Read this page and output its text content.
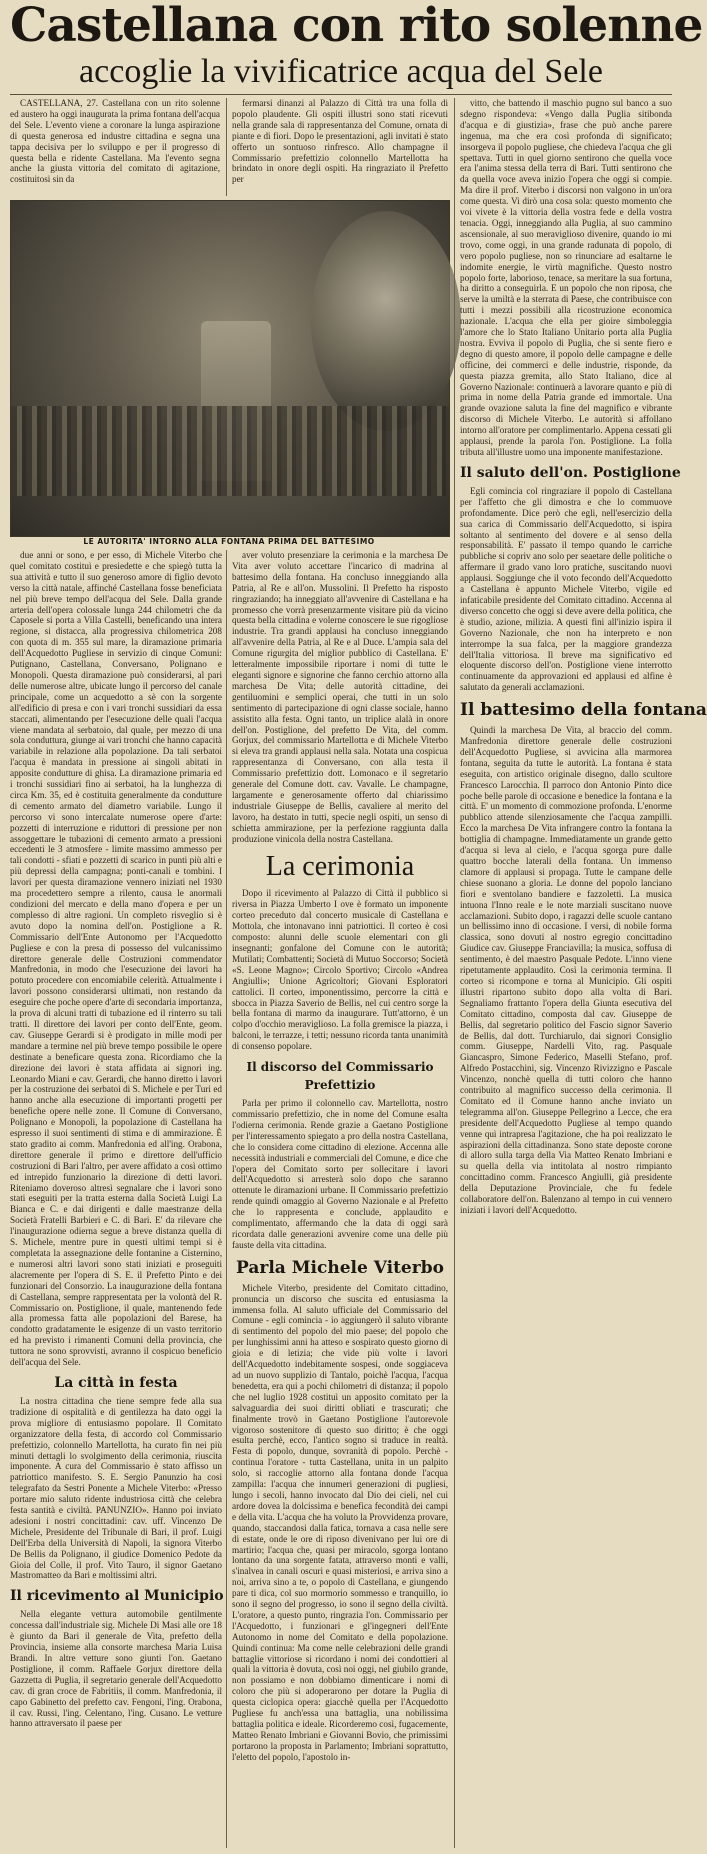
Castellana con rito solenne
accoglie la vivificatrice acqua del Sele

CASTELLANA, 27. Castellana con un rito solenne ed austero ha oggi inaugurata la prima fontana dell'acqua del Sele. L'evento viene a coronare la lunga aspirazione di questa generosa ed industre cittadina e segna una tappa decisiva per lo sviluppo e per il progresso di questa bella e ridente Castellana. Ma l'evento segna anche la giusta vittoria del comitato di agitazione, costituitosi sin da

fermarsi dinanzi al Palazzo di Città tra una folla di popolo plaudente. Gli ospiti illustri sono stati ricevuti nella grande sala di rappresentanza del Comune, ornata di piante e di fiori. Dopo le presentazioni, agli invitati è stato offerto un sontuoso rinfresco. Allo champagne il Commissario prefettizio colonnello Martellotta ha brindato in onore degli ospiti. Ha ringraziato il Prefetto per

LE AUTORITA' INTORNO ALLA FONTANA PRIMA DEL BATTESIMO

vitto, che battendo il maschio pugno sul banco a suo sdegno rispondeva: «Vengo dalla Puglia sitibonda d'acqua e di giustizia», frase che può anche parere ingenua, ma che era così profonda di significato; insorgeva il popolo pugliese, che chiedeva l'acqua che gli spettava. Tutti in quel giorno sentirono che quella voce era l'anima stessa della terra di Bari. Tutti sentirono che da quella voce aveva inizio l'opera che oggi si compie. Ma dire il prof. Viterbo i discorsi non valgono in un'ora come questa. Vi dirò una cosa sola: questo momento che voi vivete è la vittoria della vostra fede e della vostra tenacia. Oggi, inneggiando alla Puglia, al suo cammino ascensionale, al suo meraviglioso divenire, quando io mi trovo, come oggi, in una grande radunata di popolo, di vero popolo pugliese, non so rinunciare ad esaltarne le indomite energie, le virtù magnifiche. Questo nostro popolo forte, laborioso, tenace, sa meritare la sua fortuna, ha diritto a conseguirla. E un popolo che non riposa, che serve la umiltà e la sterrata di Paese, che contribuisce con tutti i mezzi possibili alla ricostruzione economica nazionale. L'acqua che ella per gioire simboleggia l'amore che lo Stato Italiano Unitario porta alla Puglia nostra. Evviva il popolo di Puglia, che si sente fiero e degno di questo amore, il popolo delle campagne e delle officine, dei commerci e delle industrie, risponde, da questa piazza gremita, allo Stato Italiano, dice al Governo Nazionale: continuerà a lavorare quanto e più di prima in nome della Patria grande ed immortale. Una grande ovazione saluta la fine del magnifico e vibrante discorso di Michele Viterbo. Le autorità si affollano intorno all'oratore per complimentarlo. Appena cessati gli applausi, prende la parola l'on. Postiglione. La folla tributa all'illustre uomo una imponente manifestazione.

Il saluto dell'on. Postiglione

Egli comincia col ringraziare il popolo di Castellana per l'affetto che gli dimostra e che lo commuove profondamente. Dice però che egli, nell'esercizio della sua carica di Commissario dell'Acquedotto, si ispira soltanto al sentimento del dovere e al senso della responsabilità. E' passato il tempo quando le carriche pubbliche si copriv ano solo per seaetare delle politiche o affermare il grado vano loro pratiche, suscitando nuovi applausi. Soggiunge che il voto fecondo dell'Acquedotto a Castellana è appunto Michele Viterbo, vigile ed infaticabile presidente del Comitato cittadino. Accenna al diverso concetto che oggi si deve avere della politica, che è studio, azione, milizia. A questi fini all'inizio ispira il Governo Nazionale, che non ha interpreto e non interrompe la sua falca, per la maggiore grandezza dell'Italia vittoriosa. Il breve ma significativo ed eloquente discorso dell'on. Postiglione viene interrotto continuamente da approvazioni ed applausi ed alfine è salutato da generali acclamazioni.

Il battesimo della fontana

Quindi la marchesa De Vita, al braccio del comm. Manfredonia direttore generale delle costruzioni dell'Acquedotto Pugliese, si avvicina alla marmorea fontana, seguita da tutte le autorità. La fontana è stata eseguita, con artistico originale disegno, dallo scultore Francesco Larocchia. Il parroco don Antonio Pinto dice poche belle parole di occasione e benedice la fontana e la città. E' un momento di commozione profonda. L'enorme pubblico attende silenziosamente che l'acqua zampilli. Ecco la marchesa De Vita infrangere contro la fontana la bottiglia di champagne. Immediatamente un grande getto d'acqua si leva al cielo, e l'acqua sgorga pure dalle quattro bocche laterali della fontana. Un immenso clamore di applausi si propaga. Tutte le campane delle chiese suonano a gloria. Le donne del popolo lanciano fiori e sventolano bandiere e fazzoletti. La musica intuona l'Inno reale e le note marziali suscitano nuove acclamazioni. Subito dopo, i ragazzi delle scuole cantano un bellissimo inno di occasione. I versi, di nobile forma classica, sono dovuti al nostro egregio concittadino Giudice cav. Giuseppe Franciavilla; la musica, soffusa di sentimento, è del maestro Pasquale Pedote. L'inno viene ripetutamente applaudito. Così la cerimonia termina. Il corteo si ricompone e torna al Municipio. Gli ospiti illustri ripartono subito dopo alla volta di Bari. Segnaliamo frattanto l'opera della Giunta esecutiva del Comitato cittadino, composta dal cav. Giuseppe de Bellis, dal segretario politico del Fascio signor Saverio de Bellis, dal dott. Turchiarulo, dai signori Consiglio comm. Giuseppe, Nardelli Vito, rag. Pasquale Giancaspro, Simone Federico, Maselli Stefano, prof. Alfredo Postacchini, sig. Vincenzo Rivizzigno e Pascale Vincenzo, nonchè quella di tutti coloro che hanno contribuito al magnifico successo della cerimonia. Il Comitato ed il Comune hanno anche inviato un telegramma all'on. Giuseppe Pellegrino a Lecce, che era presidente dell'Acquedotto Pugliese al tempo quando venne quì intrapresa l'agitazione, che ha poi realizzato le aspirazioni della cittadinanza. Sono state deposte corone di alloro sulla targa della Via Matteo Renato Imbriani e su quella della via intitolata al nostro rimpianto concittadino comm. Francesco Angiulli, già presidente della Deputazione Provinciale, che fu fedele collaboratore dell'on. Balenzano al tempo in cui vennero iniziati i lavori dell'Acquedotto.

due anni or sono, e per esso, di Michele Viterbo che quel comitato costituì e presiedette e che spiegò tutta la sua attività e tutto il suo generoso amore di figlio devoto verso la città natale, affinché Castellana fosse beneficiata nel più breve tempo dell'acqua del Sele. Dalla grande arteria dell'opera colossale lunga 244 chilometri che da Caposele si porta a Villa Castelli, beneficando una intera regione, si distacca, alla progressiva chilometrica 208 con quota di m. 355 sul mare, la diramazione primaria dell'Acquedotto Pugliese in servizio di cinque Comuni: Putignano, Castellana, Conversano, Polignano e Monopoli. Questa diramazione può considerarsi, al pari delle numerose altre, ubicate lungo il percorso del canale principale, come un acquedotto a sè con la sorgente all'edificio di presa e con i vari tronchi sussidiari da essa staccati, alimentando per l'esecuzione delle quali l'acqua viene mandata al serbatoio, dal quale, per mezzo di una sola conduttura, giunge ai vari tronchi che hanno capacità variabile in relazione alla popolazione. Da tali serbatoi l'acqua è mandata in pressione ai singoli abitati in apposite condutture di ghisa. La diramazione primaria ed i tronchi sussidiari fino ai serbatoi, ha la lunghezza di circa Km. 35, ed è costituita generalmente da condutture di cemento armato del diametro variabile. Lungo il percorso vi sono intercalate numerose opere d'arte: pozzetti di interruzione e riduttori di pressione per non assoggettare le tubazioni di cemento armato a pressioni eccedenti le 3 atmosfere - limite massimo ammesso per tali condotti - sfiati e pozzetti di scarico in punti più alti e più depressi della campagna; ponti-canali e tombini. I lavori per questa diramazione vennero iniziati nel 1930 ma procedettero sempre a rilento, causa le anormali condizioni del mercato e della mano d'opera e per un complesso di altre ragioni. Un completo risveglio si è avuto dopo la nomina dell'on. Postiglione a R. Commissario dell'Ente Autonomo per l'Acquedotto Pugliese e con la presa di possesso del vulcanissimo direttore generale delle Costruzioni commendator Manfredonia, in modo che l'esecuzione dei lavori ha potuto procedere con encomiabile celerità. Attualmente i lavori possono considerarsi ultimati, non restando da eseguire che poche opere d'arte di secondaria importanza, la prova di alcuni tratti di tubazione ed il rinterro su tali tratti. Il direttore dei lavori per conto dell'Ente, geom. cav. Giuseppe Gerardi si è prodigato in mille modi per mandare a termine nel più breve tempo possibile le opere destinate a beneficare questa zona. Ricordiamo che la direzione dei lavori è stata affidata ai signori ing. Leonardo Miani e cav. Gerardi, che hanno diretto i lavori per la costruzione dei serbatoi di S. Michele e per Turi ed hanno anche alla esecuzione di importanti progetti per benefiche opere nelle zone. Il Comune di Conversano, Polignano e Monopoli, la popolazione di Castellana ha espresso il suoi sentimenti di stima e di ammirazione. È stato gradito ai comm. Manfredonia ed all'ing. Orabona, direttore generale il primo e direttore dell'ufficio costruzioni di Bari l'altro, per avere affidato a così ottimo ed intrepido funzionario la direzione di detti lavori. Riteniamo doveroso altresì segnalare che i lavori sono stati eseguiti per la tratta esterna dalla Società Luigi La Bianca e C. e dai dirigenti e dalle maestranze della Società Fratelli Barbieri e C. di Bari. E' da rilevare che l'inaugurazione odierna segue a breve distanza quella di S. Michele, mentre pure in questi ultimi tempi si è completata la assegnazione delle fontanine a Cisternino, e numerosi altri lavori sono stati iniziati e proseguiti alacremente per l'opera di S. E. il Prefetto Pinto e dei funzionari del Consorzio. La inaugurazione della fontana di Castellana, sempre rappresentata per la volontà del R. Commissario on. Postiglione, il quale, mantenendo fede alla promessa fatta alle popolazioni del Barese, ha condotto gradatamente le esigenze di un vasto territorio ed ha previsto i rimanenti Comuni della provincia, che tuttora ne sono sprovvisti, avranno il cospicuo beneficio dell'acqua del Sele.

La città in festa

La nostra cittadina che tiene sempre fede alla sua tradizione di ospitalità e di gentilezza ha dato oggi la prova migliore di entusiasmo popolare. Il Comitato organizzatore della festa, di accordo col Commissario prefettizio, colonnello Martellotta, ha curato fin nei più minuti dettagli lo svolgimento della cerimonia, riuscita imponente. A cura del Commissario è stato affisso un patriottico manifesto. S. E. Sergio Panunzio ha così telegrafato da Sestri Ponente a Michele Viterbo: «Presso portare mio saluto ridente industriosa città che celebra festa santità e civiltà. PANUNZIO». Hanno poi inviato adesioni i nostri concittadini: cav. uff. Vincenzo De Michele, Presidente del Tribunale di Bari, il prof. Luigi Dell'Erba della Università di Napoli, la signora Viterbo De Bellis da Polignano, il giudice Domenico Pedote da Gioia del Colle, il prof. Vito Tauro, il signor Gaetano Mastromatteo da Bari e moltissimi altri.

Il ricevimento al Municipio

Nella elegante vettura automobile gentilmente concessa dall'industriale sig. Michele Di Masi alle ore 18 è giunto da Bari il generale de Vita, prefetto della Provincia, insieme alla consorte marchesa Maria Luisa Brandi. In altre vetture sono giunti l'on. Gaetano Postiglione, il comm. Raffaele Gorjux direttore della Gazzetta di Puglia, il segretario generale dell'Acquedotto cav. di gran croce de Fabritiis, il comm. Manfredonia, il capo Gabinetto del prefetto cav. Fengoni, l'ing. Orabona, il cav. Russi, l'ing. Celentano, l'ing. Cusano. Le vetture hanno attraversato il paese per

aver voluto presenziare la cerimonia e la marchesa De Vita aver voluto accettare l'incarico di madrina al battesimo della fontana. Ha concluso inneggiando alla Patria, al Re e all'on. Mussolini. Il Prefetto ha risposto ringraziando; ha inneggiato all'avvenire di Castellana e ha promesso che vorrà presenzarmente visitare più da vicino questa bella cittadina e volerne conoscere le sue rigogliose industrie. Tra grandi applausi ha concluso inneggiando all'avvenire della Patria, al Re e al Duce. L'ampia sala del Comune rigurgita del miglior pubblico di Castellana. E' letteralmente impossibile riportare i nomi di tutte le eleganti signore e signorine che fanno cerchio attorno alla marchesa De Vita; delle autorità cittadine, dei gentiluomini e semplici operai, che tutti in un solo sentimento di partecipazione di ogni classe sociale, hanno assistito alla festa. Ogni tanto, un triplice alalà in onore dell'on. Postiglione, del prefetto De Vita, del comm. Gorjux, del commissario Martellotta e di Michele Viterbo si eleva tra grandi applausi nella sala. Notata una cospicua rappresentanza di Conversano, con alla testa il Commissario prefettizio dott. Lomonaco e il segretario generale del Comune dott. cav. Vavalle. Le champagne, largamente e generosamente offerto dal chiarissimo industriale Giuseppe de Bellis, cavaliere al merito del lavoro, ha destato in tutti, specie negli ospiti, un senso di schietta ammirazione, per la perfezione raggiunta dalla produzione vinicola della nostra Castellana.

La cerimonia

Dopo il ricevimento al Palazzo di Città il pubblico si riversa in Piazza Umberto I ove è formato un imponente corteo preceduto dal concerto musicale di Castellana e Mottola, che intonavano inni patriottici. Il corteo è così composto: alunni delle scuole elementari con gli insegnanti; gonfalone del Comune con le autorità; Mutilati; Combattenti; Società di Mutuo Soccorso; Società «S. Leone Magno»; Circolo Sportivo; Circolo «Andrea Angiulli»; Unione Agricoltori; Giovani Esploratori cattolici. Il corteo, imponentissimo, percorre la città e sbocca in Piazza Saverio de Bellis, nel cui centro sorge la bella fontana di marmo da inaugurare. Tutt'attorno, è un colpo d'occhio meraviglioso. La folla gremisce la piazza, i balconi, le terrazze, i tetti; nessuno ricorda tanta unanimità di consenso popolare.

Il discorso del Commissario Prefettizio

Parla per primo il colonnello cav. Martellotta, nostro commissario prefettizio, che in nome del Comune esalta l'odierna cerimonia. Rende grazie a Gaetano Postiglione per l'interessamento spiegato a pro della nostra Castellana, che lo considera come cittadino di elezione. Accenna alle necessità industriali e commerciali del Comune, e dice che l'opera del Comitato sorto per sollecitare i lavori dell'Acquedotto si arresterà solo dopo che saranno ottenute le diramazioni urbane. Il Commissario prefettizio rende quindi omaggio al Governo Nazionale e al Prefetto che lo rappresenta e conclude, applaudito e complimentato, affermando che la data di oggi sarà ricordata dalle generazioni avvenire come una delle più fauste della vita cittadina.

Parla Michele Viterbo

Michele Viterbo, presidente del Comitato cittadino, pronuncia un discorso che suscita ed entusiasma la immensa folla. Al saluto ufficiale del Commissario del Comune - egli comincia - io aggiungerò il saluto vibrante di sentimento del popolo del mio paese; del popolo che per lunghissimi anni ha atteso e sospirato questo giorno di gioia e di letizia; che vide più volte i lavori dell'Acquedotto indebitamente sospesi, onde soggiaceva ad un nuovo supplizio di Tantalo, poichè l'acqua, l'acqua benedetta, era qui a pochi chilometri di distanza; il popolo che nel luglio 1928 costituì un apposito comitato per la salvaguardia dei suoi diritti obliati e trascurati; che finalmente trovò in Gaetano Postiglione l'autorevole vigoroso sostenitore di questo suo diritto; è che oggi esulta perchè, ecco, l'antico sogno si traduce in realtà. Festa di popolo, dunque, sovranità di popolo. Perchè - continua l'oratore - tutta Castellana, unita in un palpito solo, si raccoglie attorno alla fontana donde l'acqua zampilla: l'acqua che innumeri generazioni di pugliesi, lungo i secoli, hanno invocato dal Dio dei cieli, nel cui ardore dovea la dolcissima e benefica fecondità dei campi e della vita. L'acqua che ha voluto la Provvidenza provare, quando, staccandosi dalla fatica, tornava a casa nelle sere di estate, onde le ore di riposo divenivano per lui ore di martirio; l'acqua che, quasi per miracolo, sgorga lontano lontano da una sorgente fatata, attraverso monti e valli, s'inalvea in canali oscuri e quasi misteriosi, e arriva sino a noi, arriva sino a te, o popolo di Castellana, e giungendo pare ti dica, col suo mormorio sommesso e tranquillo, io sono il segno del progresso, io sono il segno della civiltà. L'oratore, a questo punto, ringrazia l'on. Commissario per l'Acquedotto, i funzionari e gl'ingegneri dell'Ente Autonomo in nome del Comitato e della popolazione. Quindi continua: Ma come nelle celebrazioni delle grandi battaglie vittoriose si ricordano i nomi dei condottieri al quali la vittoria è dovuta, così noi oggi, nel giubilo grande, non possiamo e non dobbiamo dimenticare i nomi di coloro che più si adoperarono per dotare la Puglia di questa ciclopica opera: giacchè quella per l'Acquedotto Pugliese fu anch'essa una battaglia, una nobilissima battaglia politica e ideale. Ricorderemo così, fugacemente, Matteo Renato Imbriani e Giovanni Bovio, che primissimi portarono la proposta in Parlamento; Imbriani soprattutto, l'eletto del popolo, l'apostolo in-
